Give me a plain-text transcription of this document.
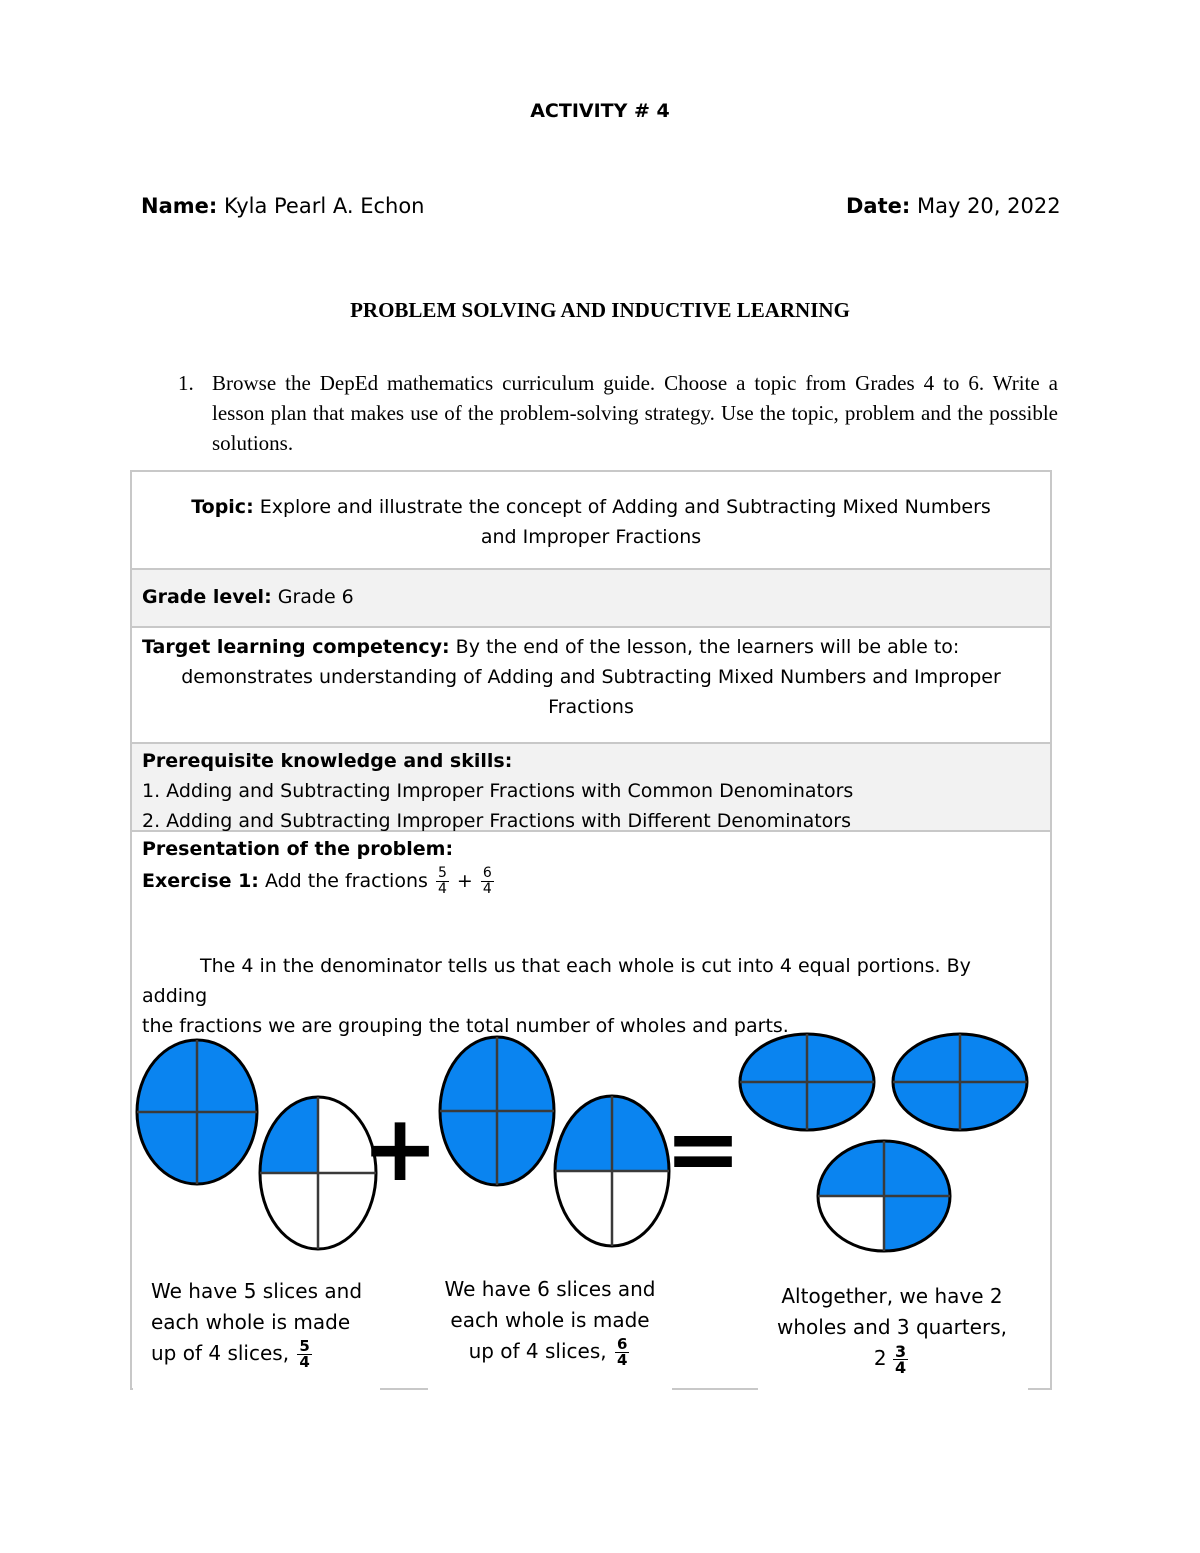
ACTIVITY # 4
Name: Kyla Pearl A. Echon	Date: May 20, 2022
PROBLEM SOLVING AND INDUCTIVE LEARNING
1. Browse the DepEd mathematics curriculum guide. Choose a topic from Grades 4 to 6. Write a lesson plan that makes use of the problem-solving strategy. Use the topic, problem and the possible solutions.
Topic: Explore and illustrate the concept of Adding and Subtracting Mixed Numbers
and Improper Fractions
Grade level: Grade 6
Target learning competency: By the end of the lesson, the learners will be able to:
demonstrates understanding of Adding and Subtracting Mixed Numbers and Improper
Fractions
Prerequisite knowledge and skills:
1. Adding and Subtracting Improper Fractions with Common Denominators
2. Adding and Subtracting Improper Fractions with Different Denominators
Presentation of the problem:
Exercise 1: Add the fractions $\frac{5}{4} + \frac{6}{4}$
The 4 in the denominator tells us that each whole is cut into 4 equal portions. By adding
the fractions we are grouping the total number of wholes and parts.
+ =
We have 5 slices and
each whole is made
up of 4 slices, $\frac{5}{4}$
We have 6 slices and
each whole is made
up of 4 slices, $\frac{6}{4}$
Altogether, we have 2
wholes and 3 quarters,
$2 \frac{3}{4}$
